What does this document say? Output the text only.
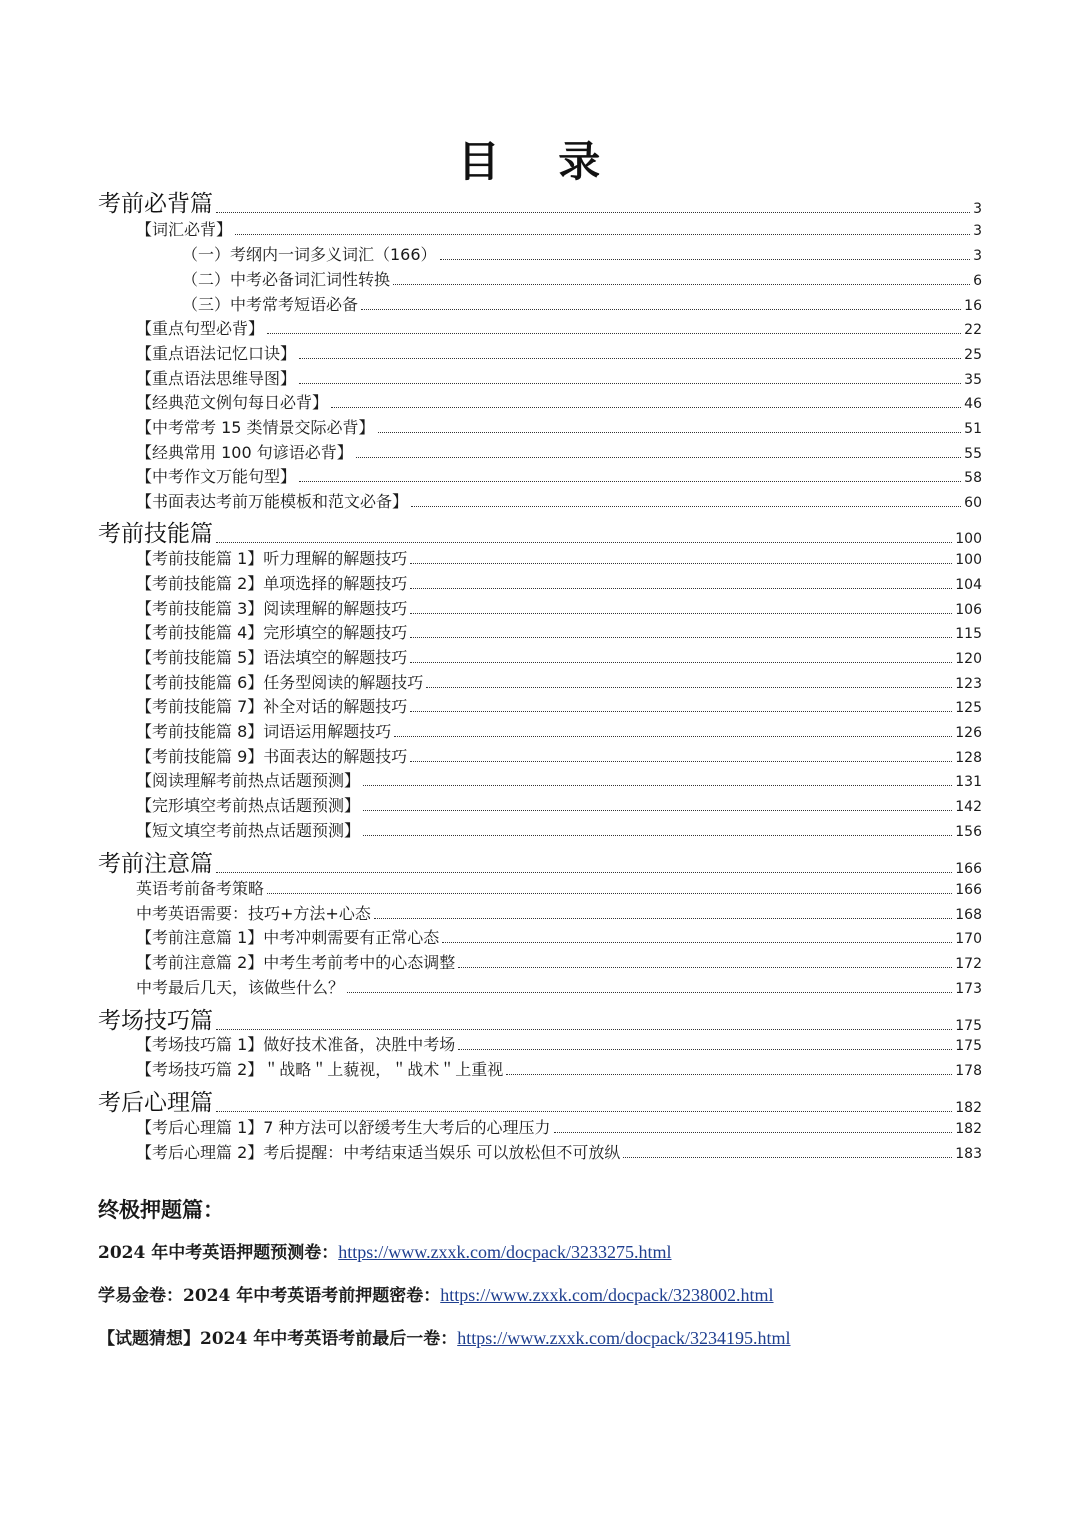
目 录
考前必背篇	3
【词汇必背】	3
（一）考纲内一词多义词汇（166）	3
（二）中考必备词汇词性转换	6
（三）中考常考短语必备	16
【重点句型必背】	22
【重点语法记忆口诀】	25
【重点语法思维导图】	35
【经典范文例句每日必背】	46
【中考常考 15 类情景交际必背】	51
【经典常用 100 句谚语必背】	55
【中考作文万能句型】	58
【书面表达考前万能模板和范文必备】	60
考前技能篇	100
【考前技能篇 1】听力理解的解题技巧	100
【考前技能篇 2】单项选择的解题技巧	104
【考前技能篇 3】阅读理解的解题技巧	106
【考前技能篇 4】完形填空的解题技巧	115
【考前技能篇 5】语法填空的解题技巧	120
【考前技能篇 6】任务型阅读的解题技巧	123
【考前技能篇 7】补全对话的解题技巧	125
【考前技能篇 8】词语运用解题技巧	126
【考前技能篇 9】书面表达的解题技巧	128
【阅读理解考前热点话题预测】	131
【完形填空考前热点话题预测】	142
【短文填空考前热点话题预测】	156
考前注意篇	166
英语考前备考策略	166
中考英语需要：技巧+方法+心态	168
【考前注意篇 1】中考冲刺需要有正常心态	170
【考前注意篇 2】中考生考前考中的心态调整	172
中考最后几天，该做些什么？	173
考场技巧篇	175
【考场技巧篇 1】做好技术准备，决胜中考场	175
【考场技巧篇 2】＂战略＂上藐视，＂战术＂上重视	178
考后心理篇	182
【考后心理篇 1】7 种方法可以舒缓考生大考后的心理压力	182
【考后心理篇 2】考后提醒：中考结束适当娱乐 可以放松但不可放纵	183
终极押题篇：
2024 年中考英语押题预测卷：https://www.zxxk.com/docpack/3233275.html
学易金卷：2024 年中考英语考前押题密卷：https://www.zxxk.com/docpack/3238002.html
【试题猜想】2024 年中考英语考前最后一卷：https://www.zxxk.com/docpack/3234195.html
